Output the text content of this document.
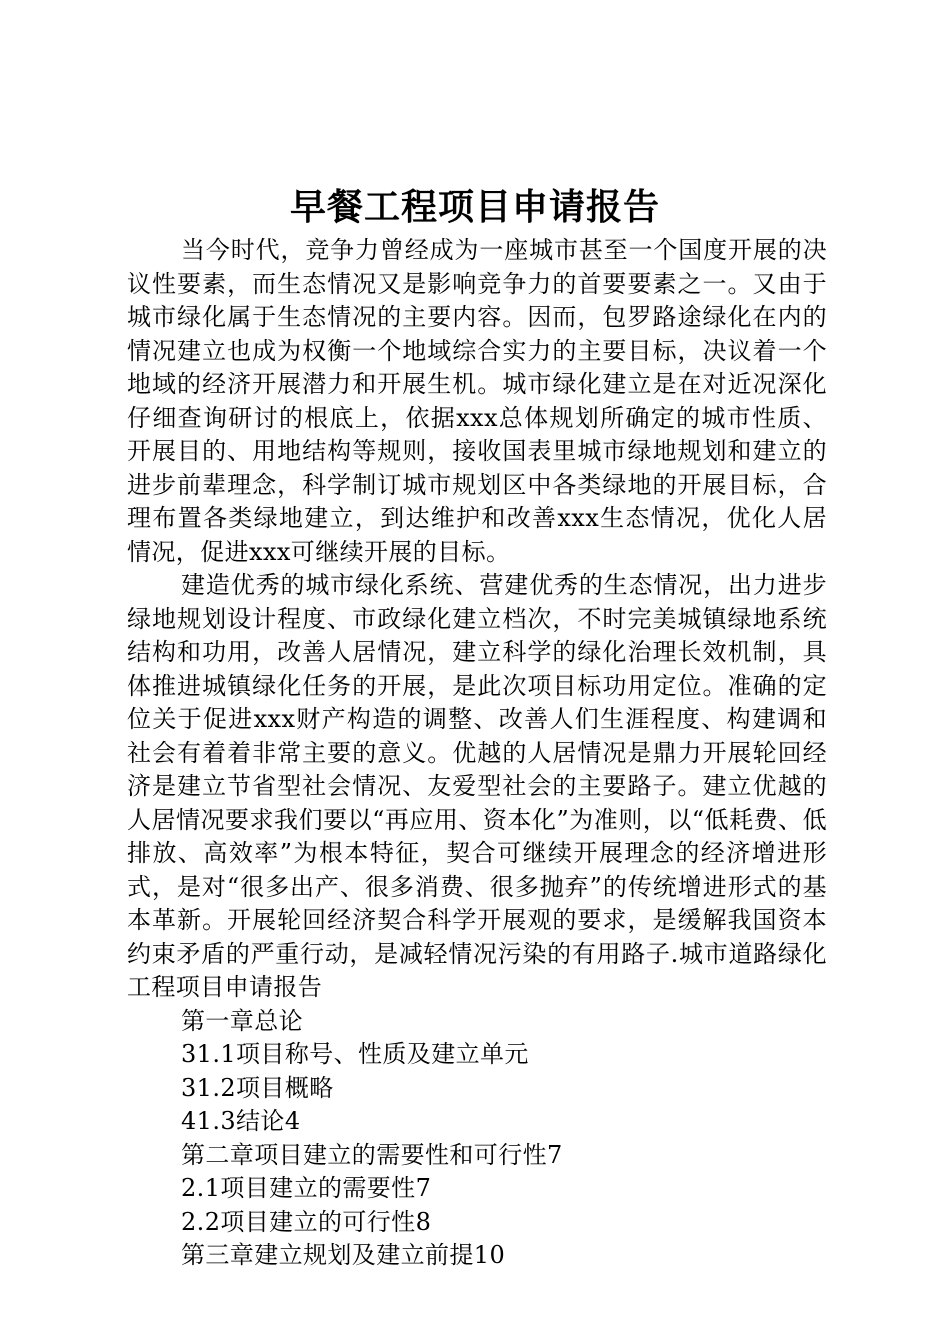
早餐工程项目申请报告

当今时代，竞争力曾经成为一座城市甚至一个国度开展的决议性要素，而生态情况又是影响竞争力的首要要素之一。又由于城市绿化属于生态情况的主要内容。因而，包罗路途绿化在内的情况建立也成为权衡一个地域综合实力的主要目标，决议着一个地域的经济开展潜力和开展生机。城市绿化建立是在对近况深化仔细查询研讨的根底上，依据xxx总体规划所确定的城市性质、开展目的、用地结构等规则，接收国表里城市绿地规划和建立的进步前辈理念，科学制订城市规划区中各类绿地的开展目标，合理布置各类绿地建立，到达维护和改善xxx生态情况，优化人居情况，促进xxx可继续开展的目标。

建造优秀的城市绿化系统、营建优秀的生态情况，出力进步绿地规划设计程度、市政绿化建立档次，不时完美城镇绿地系统结构和功用，改善人居情况，建立科学的绿化治理长效机制，具体推进城镇绿化任务的开展，是此次项目标功用定位。准确的定位关于促进xxx财产构造的调整、改善人们生涯程度、构建调和社会有着着非常主要的意义。优越的人居情况是鼎力开展轮回经济是建立节省型社会情况、友爱型社会的主要路子。建立优越的人居情况要求我们要以“再应用、资本化”为准则，以“低耗费、低排放、高效率”为根本特征，契合可继续开展理念的经济增进形式，是对“很多出产、很多消费、很多抛弃”的传统增进形式的基本革新。开展轮回经济契合科学开展观的要求，是缓解我国资本约束矛盾的严重行动，是减轻情况污染的有用路子.城市道路绿化工程项目申请报告

第一章总论

31.1项目称号、性质及建立单元

31.2项目概略

41.3结论4

第二章项目建立的需要性和可行性7

2.1项目建立的需要性7

2.2项目建立的可行性8

第三章建立规划及建立前提10
